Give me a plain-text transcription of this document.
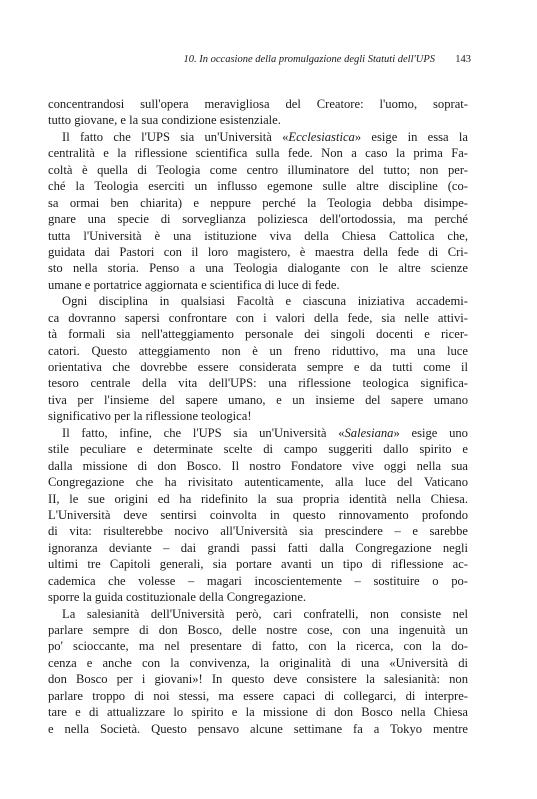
10. In occasione della promulgazione degli Statuti dell'UPS 143
concentrandosi sull'opera meravigliosa del Creatore: l'uomo, soprat-
tutto giovane, e la sua condizione esistenziale.
Il fatto che l'UPS sia un'Università «Ecclesiastica» esige in essa la
centralità e la riflessione scientifica sulla fede. Non a caso la prima Fa-
coltà è quella di Teologia come centro illuminatore del tutto; non per-
ché la Teologia eserciti un influsso egemone sulle altre discipline (co-
sa ormai ben chiarita) e neppure perché la Teologia debba disimpe-
gnare una specie di sorveglianza poliziesca dell'ortodossia, ma perché
tutta l'Università è una istituzione viva della Chiesa Cattolica che,
guidata dai Pastori con il loro magistero, è maestra della fede di Cri-
sto nella storia. Penso a una Teologia dialogante con le altre scienze
umane e portatrice aggiornata e scientifica di luce di fede.
Ogni disciplina in qualsiasi Facoltà e ciascuna iniziativa accademi-
ca dovranno sapersi confrontare con i valori della fede, sia nelle attivi-
tà formali sia nell'atteggiamento personale dei singoli docenti e ricer-
catori. Questo atteggiamento non è un freno riduttivo, ma una luce
orientativa che dovrebbe essere considerata sempre e da tutti come il
tesoro centrale della vita dell'UPS: una riflessione teologica significa-
tiva per l'insieme del sapere umano, e un insieme del sapere umano
significativo per la riflessione teologica!
Il fatto, infine, che l'UPS sia un'Università «Salesiana» esige uno
stile peculiare e determinate scelte di campo suggeriti dallo spirito e
dalla missione di don Bosco. Il nostro Fondatore vive oggi nella sua
Congregazione che ha rivisitato autenticamente, alla luce del Vaticano
II, le sue origini ed ha ridefinito la sua propria identità nella Chiesa.
L'Università deve sentirsi coinvolta in questo rinnovamento profondo
di vita: risulterebbe nocivo all'Università sia prescindere – e sarebbe
ignoranza deviante – dai grandi passi fatti dalla Congregazione negli
ultimi tre Capitoli generali, sia portare avanti un tipo di riflessione ac-
cademica che volesse – magari incoscientemente – sostituire o po-
sporre la guida costituzionale della Congregazione.
La salesianità dell'Università però, cari confratelli, non consiste nel
parlare sempre di don Bosco, delle nostre cose, con una ingenuità un
po' scioccante, ma nel presentare di fatto, con la ricerca, con la do-
cenza e anche con la convivenza, la originalità di una «Università di
don Bosco per i giovani»! In questo deve consistere la salesianità: non
parlare troppo di noi stessi, ma essere capaci di collegarci, di interpre-
tare e di attualizzare lo spirito e la missione di don Bosco nella Chiesa
e nella Società. Questo pensavo alcune settimane fa a Tokyo mentre
